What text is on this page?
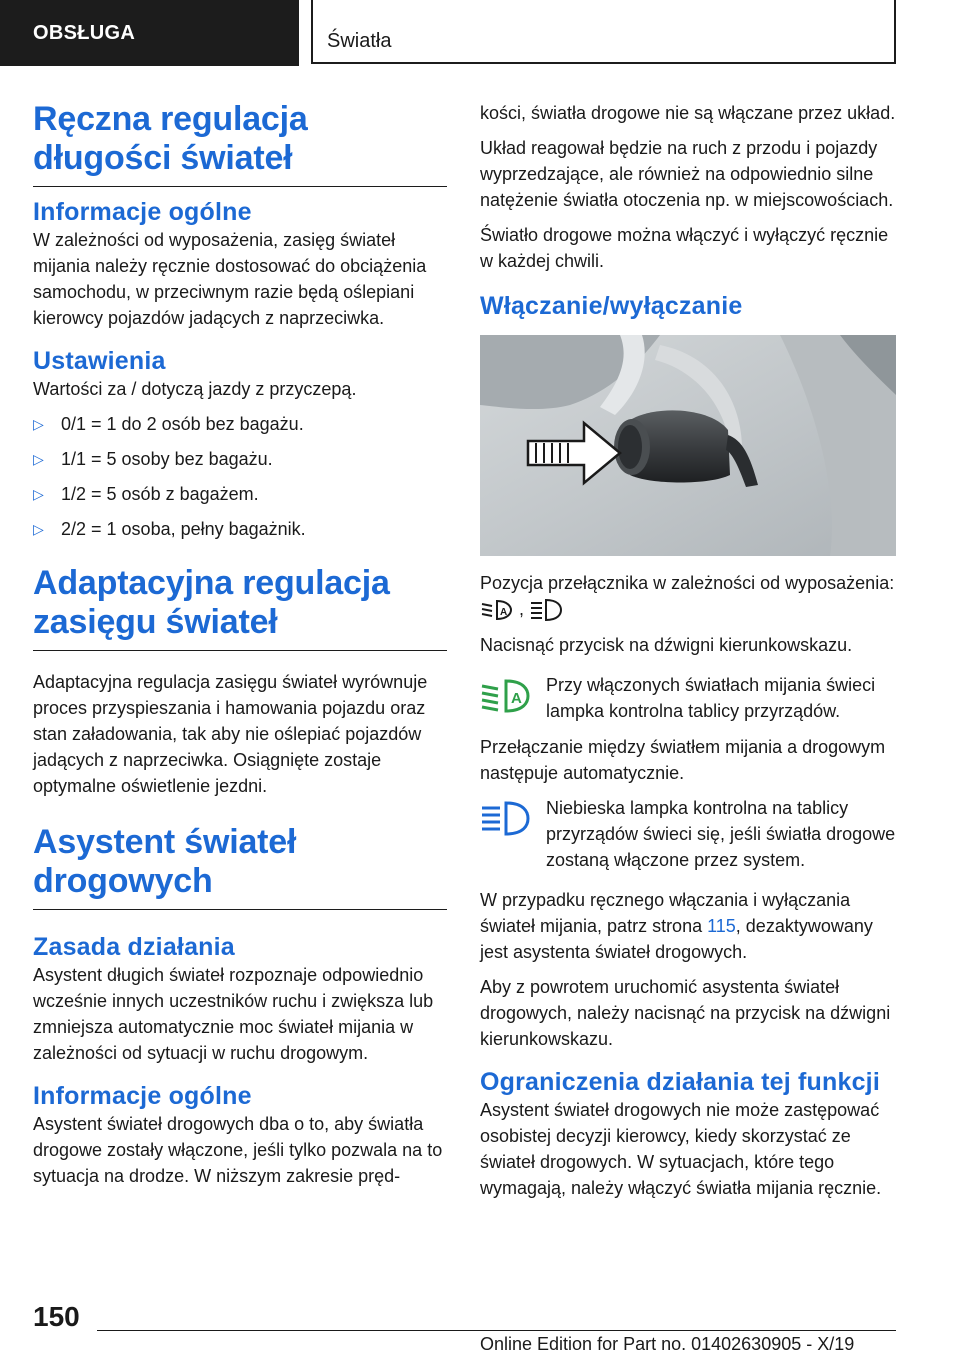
OBSŁUGA	Światła
Ręczna regulacja długości świateł
Informacje ogólne

W zależności od wyposażenia, zasięg świateł mijania należy ręcznie dostosować do obciążenia samochodu, w przeciwnym razie będą oślepiani kierowcy pojazdów jadących z naprzeciwka.

Ustawienia

Wartości za / dotyczą jazdy z przyczepą.

▷ 0/1 = 1 do 2 osób bez bagażu.
▷ 1/1 = 5 osoby bez bagażu.
▷ 1/2 = 5 osób z bagażem.
▷ 2/2 = 1 osoba, pełny bagażnik.
Adaptacyjna regulacja zasięgu świateł

Adaptacyjna regulacja zasięgu świateł wyrównuje proces przyspieszania i hamowania pojazdu oraz stan załadowania, tak aby nie oślepiać pojazdów jadących z naprzeciwka. Osiągnięte zostaje optymalne oświetlenie jezdni.

Asystent świateł drogowych
Zasada działania

Asystent długich świateł rozpoznaje odpowiednio wcześnie innych uczestników ruchu i zwiększa lub zmniejsza automatycznie moc świateł mijania w zależności od sytuacji w ruchu drogowym.

Informacje ogólne

Asystent świateł drogowych dba o to, aby światła drogowe zostały włączone, jeśli tylko pozwala na to sytuacja na drodze. W niższym zakresie pręd-

kości, światła drogowe nie są włączane przez układ.

Układ reagował będzie na ruch z przodu i pojazdy wyprzedzające, ale również na odpowiednio silne natężenie światła otoczenia np. w miejscowościach.

Światło drogowe można włączyć i wyłączyć ręcznie w każdej chwili.

Włączanie/wyłączanie

Pozycja przełącznika w zależności od wyposażenia:
A ,

Nacisnąć przycisk na dźwigni kierunkowskazu.

A

Przy włączonych światłach mijania świeci lampka kontrolna tablicy przyrządów.

Przełączanie między światłem mijania a drogowym następuje automatycznie.

Niebieska lampka kontrolna na tablicy przyrządów świeci się, jeśli światła drogowe zostaną włączone przez system.

W przypadku ręcznego włączania i wyłączania świateł mijania, patrz strona 115, dezaktywowany jest asystenta świateł drogowych.

Aby z powrotem uruchomić asystenta świateł drogowych, należy nacisnąć na przycisk na dźwigni kierunkowskazu.

Ograniczenia działania tej funkcji

Asystent świateł drogowych nie może zastępować osobistej decyzji kierowcy, kiedy skorzystać ze świateł drogowych. W sytuacjach, które tego wymagają, należy włączyć światła mijania ręcznie.

150
Online Edition for Part no. 01402630905 - X/19
